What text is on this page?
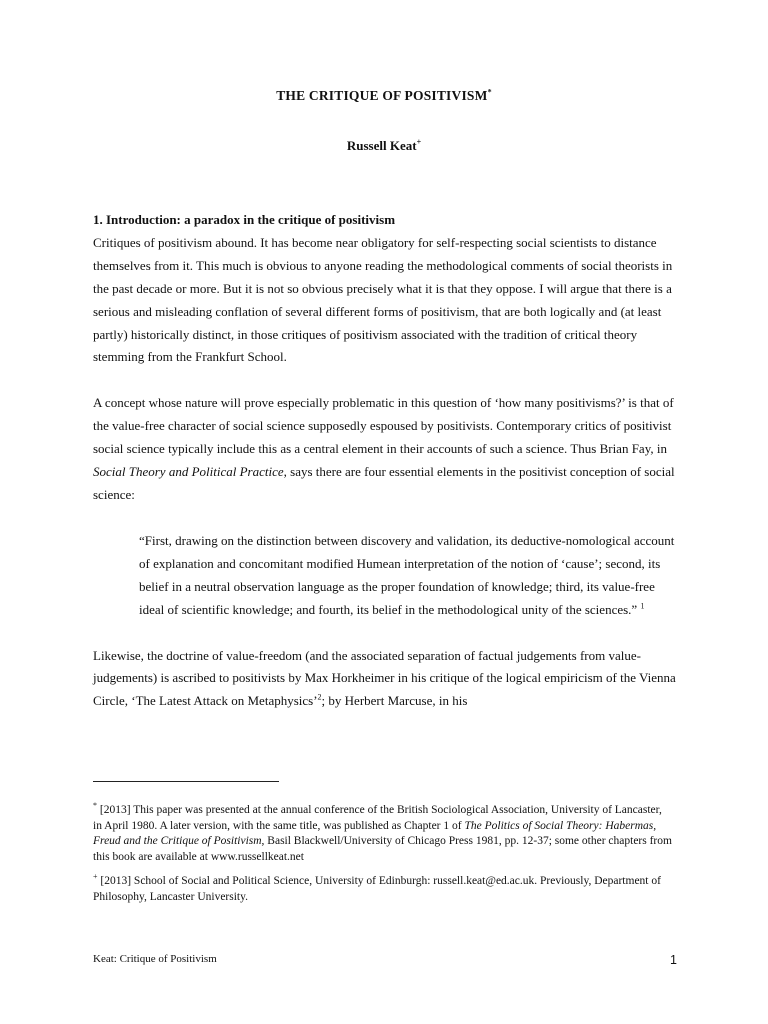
THE CRITIQUE OF POSITIVISM*
Russell Keat+

1. Introduction: a paradox in the critique of positivism

Critiques of positivism abound. It has become near obligatory for self-respecting social scientists to distance themselves from it. This much is obvious to anyone reading the methodological comments of social theorists in the past decade or more. But it is not so obvious precisely what it is that they oppose. I will argue that there is a serious and misleading conflation of several different forms of positivism, that are both logically and (at least partly) historically distinct, in those critiques of positivism associated with the tradition of critical theory stemming from the Frankfurt School.

A concept whose nature will prove especially problematic in this question of ‘how many positivisms?’ is that of the value-free character of social science supposedly espoused by positivists. Contemporary critics of positivist social science typically include this as a central element in their accounts of such a science. Thus Brian Fay, in Social Theory and Political Practice, says there are four essential elements in the positivist conception of social science:

“First, drawing on the distinction between discovery and validation, its deductive-nomological account of explanation and concomitant modified Humean interpretation of the notion of ‘cause’; second, its belief in a neutral observation language as the proper foundation of knowledge; third, its value-free ideal of scientific knowledge; and fourth, its belief in the methodological unity of the sciences.” $^1$

Likewise, the doctrine of value-freedom (and the associated separation of factual judgements from value-judgements) is ascribed to positivists by Max Horkheimer in his critique of the logical empiricism of the Vienna Circle, ‘The Latest Attack on Metaphysics’$^2$; by Herbert Marcuse, in his

* [2013] This paper was presented at the annual conference of the British Sociological Association, University of Lancaster, in April 1980. A later version, with the same title, was published as Chapter 1 of The Politics of Social Theory: Habermas, Freud and the Critique of Positivism, Basil Blackwell/University of Chicago Press 1981, pp. 12-37; some other chapters from this book are available at www.russellkeat.net

+ [2013] School of Social and Political Science, University of Edinburgh: russell.keat@ed.ac.uk. Previously, Department of Philosophy, Lancaster University.

Keat: Critique of Positivism	1
